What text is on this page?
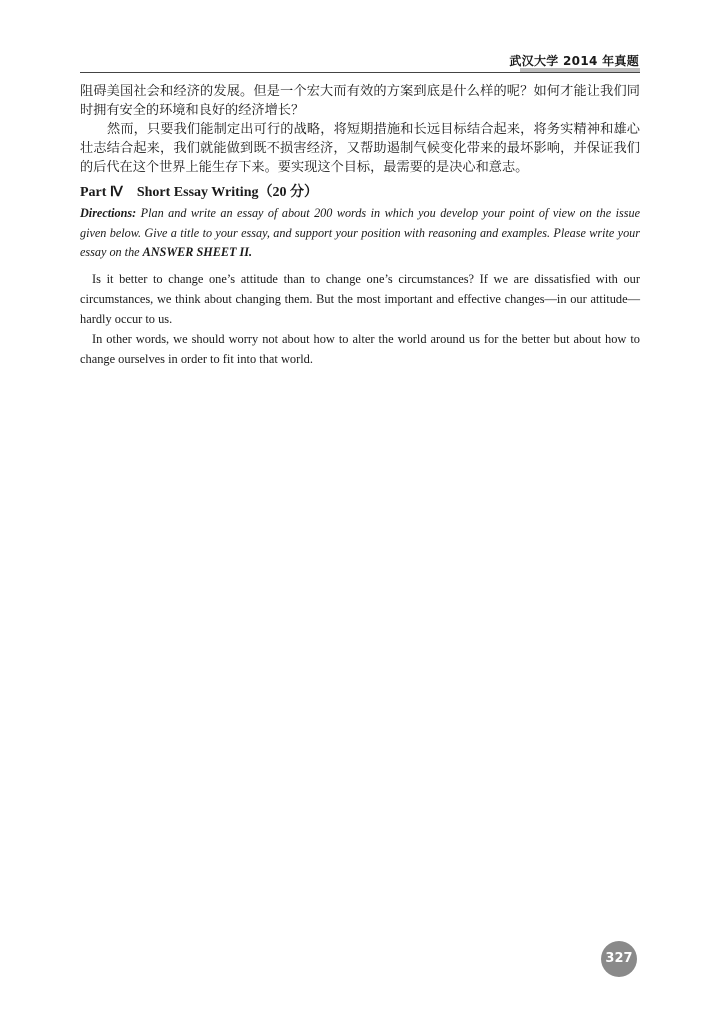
武汉大学 2014 年真题

阻碍美国社会和经济的发展。但是一个宏大而有效的方案到底是什么样的呢？如何才能让我们同时拥有安全的环境和良好的经济增长？

然而，只要我们能制定出可行的战略，将短期措施和长远目标结合起来，将务实精神和雄心壮志结合起来，我们就能做到既不损害经济，又帮助遏制气候变化带来的最坏影响，并保证我们的后代在这个世界上能生存下来。要实现这个目标，最需要的是决心和意志。

Part Ⅳ Short Essay Writing（20 分）
Directions: Plan and write an essay of about 200 words in which you develop your point of view on the issue given below. Give a title to your essay, and support your position with reasoning and examples. Please write your essay on the ANSWER SHEET II.

Is it better to change one’s attitude than to change one’s circumstances? If we are dissatisfied with our circumstances, we think about changing them. But the most important and effective changes—in our attitude—hardly occur to us.

In other words, we should worry not about how to alter the world around us for the better but about how to change ourselves in order to fit into that world.

327
